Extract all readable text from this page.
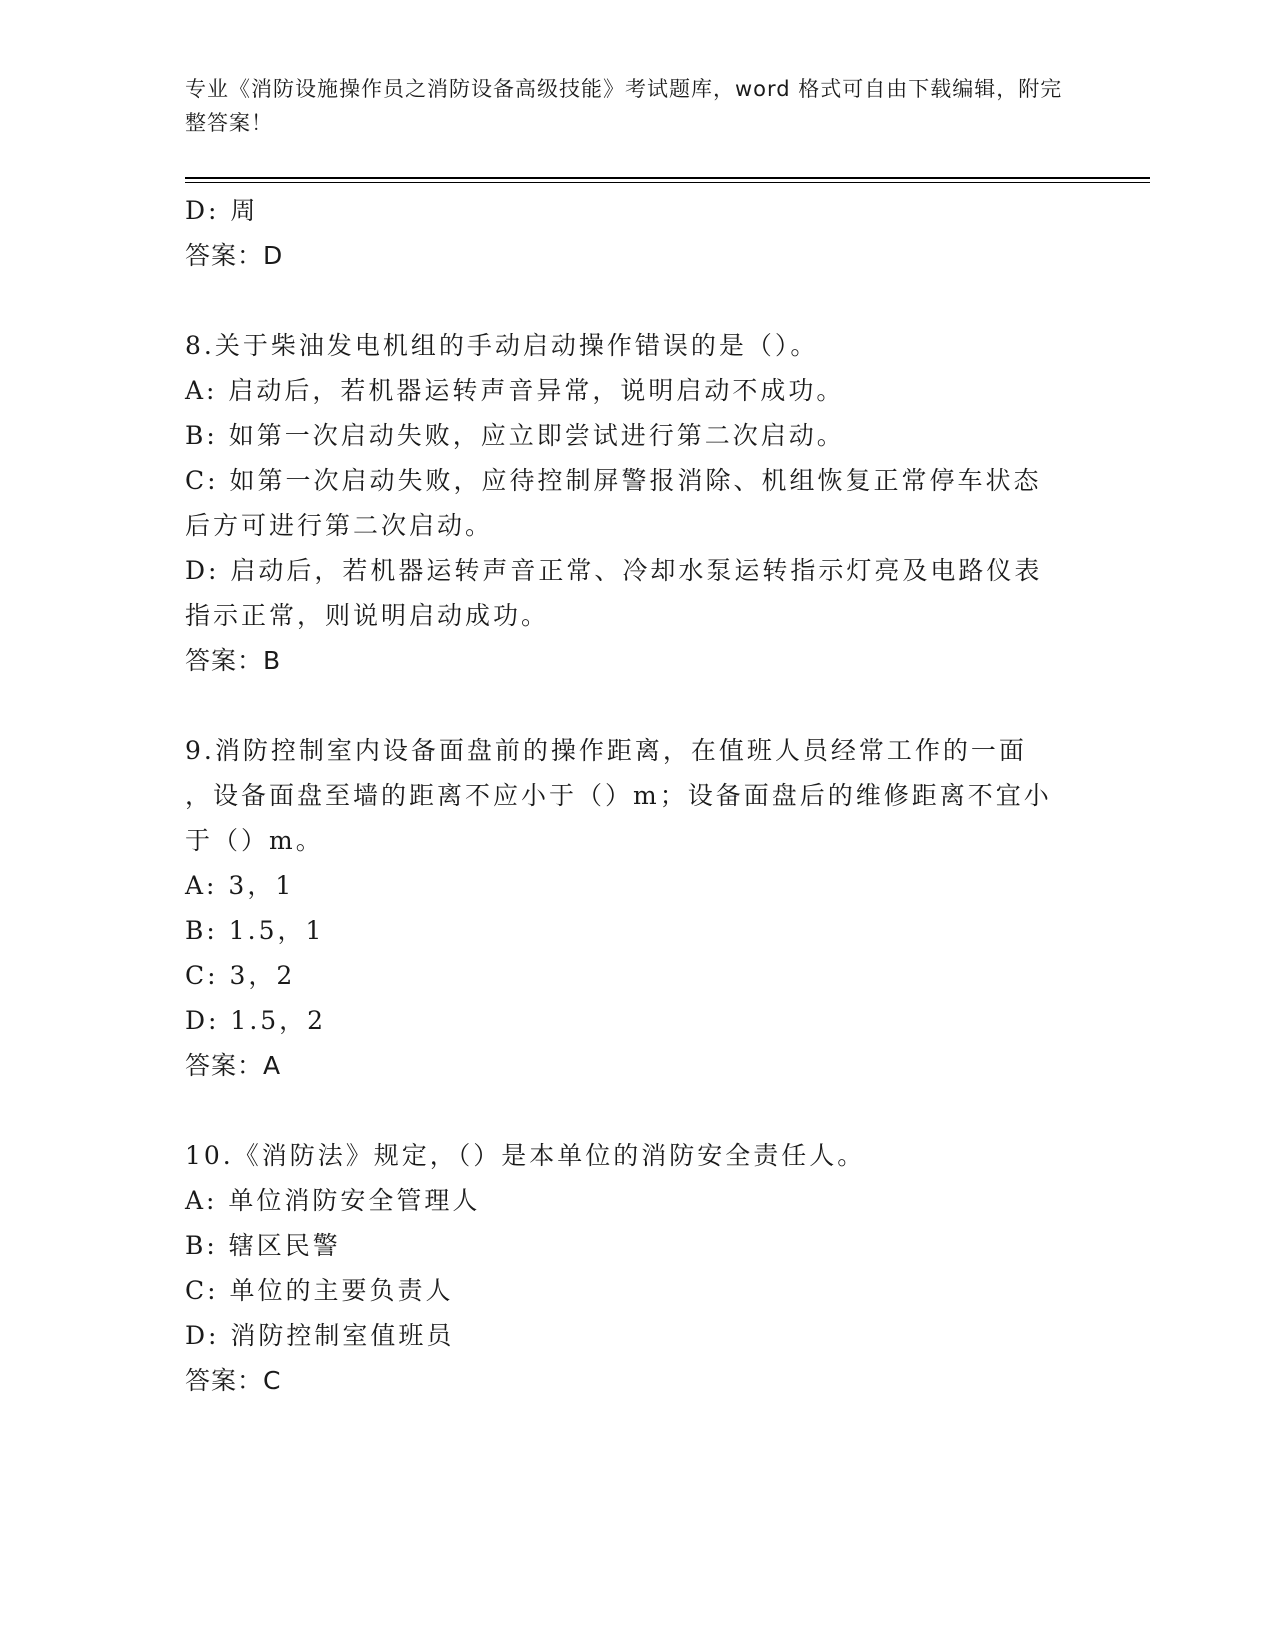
专业《消防设施操作员之消防设备高级技能》考试题库，word 格式可自由下载编辑，附完整答案！
D: 周
答案：D
8.关于柴油发电机组的手动启动操作错误的是（）。
A: 启动后，若机器运转声音异常，说明启动不成功。
B: 如第一次启动失败，应立即尝试进行第二次启动。
C: 如第一次启动失败，应待控制屏警报消除、机组恢复正常停车状态
后方可进行第二次启动。
D: 启动后，若机器运转声音正常、冷却水泵运转指示灯亮及电路仪表
指示正常，则说明启动成功。
答案：B
9.消防控制室内设备面盘前的操作距离，在值班人员经常工作的一面
，设备面盘至墙的距离不应小于（）m；设备面盘后的维修距离不宜小
于（）m。
A: 3，1
B: 1.5，1
C: 3，2
D: 1.5，2
答案：A
10.《消防法》规定，（）是本单位的消防安全责任人。
A: 单位消防安全管理人
B: 辖区民警
C: 单位的主要负责人
D: 消防控制室值班员
答案：C
